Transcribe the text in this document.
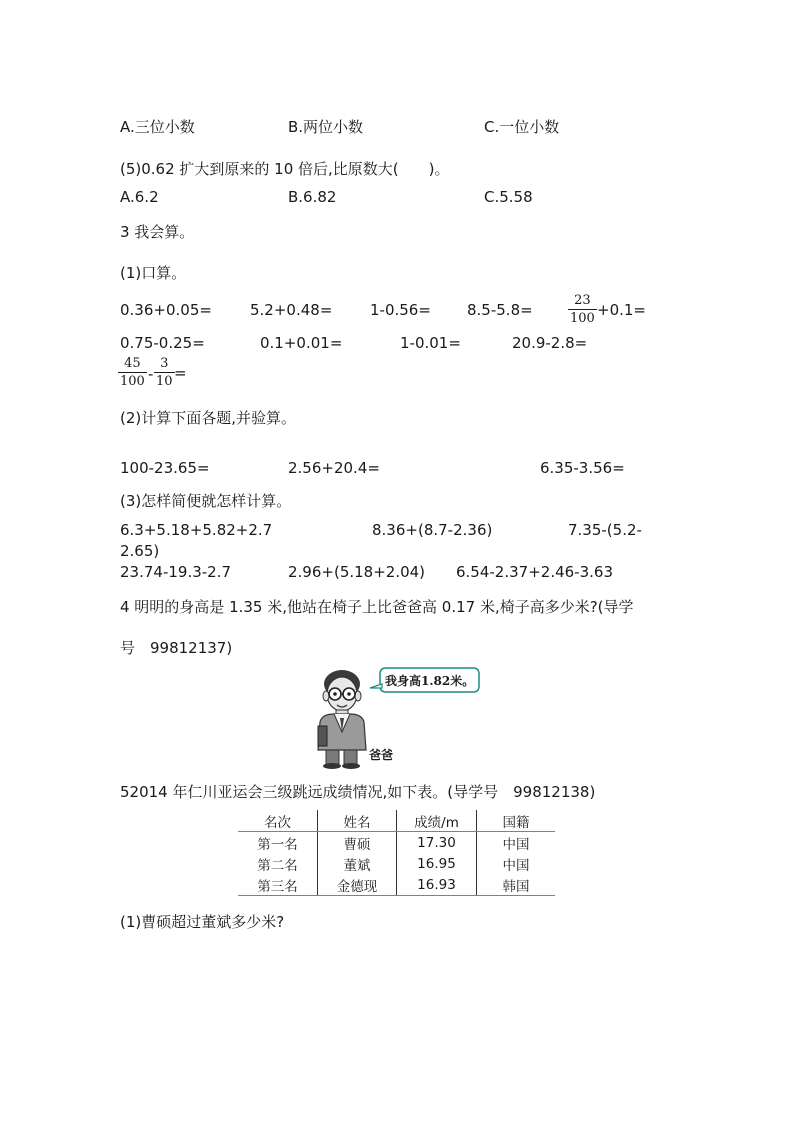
A.三位小数	B.两位小数	C.一位小数
(5)0.62 扩大到原来的 10 倍后,比原数大(　　)。
A.6.2	B.6.82	C.5.58
3 我会算。
(1)口算。
0.36+0.05=	5.2+0.48=	1-0.56= 8.5-5.8=	$\frac{23}{100} +0.1=$
0.75-0.25=	0.1+0.01=	1-0.01=	20.9-2.8=
$\frac{45}{100} - \frac{3}{10}$ =
(2)计算下面各题,并验算。
100-23.65=	2.56+20.4=	6.35-3.56=
(3)怎样简便就怎样计算。
6.3+5.18+5.82+2.7	8.36+(8.7-2.36)	7.35-(5.2-
2.65)
23.74-19.3-2.7	2.96+(5.18+2.04) 6.54-2.37+2.46-3.63
4 明明的身高是 1.35 米,他站在椅子上比爸爸高 0.17 米,椅子高多少米?(导学
号　99812137)
我身高1.82米。
爸爸
52014 年仁川亚运会三级跳远成绩情况,如下表。(导学号　99812138)
名次	姓名	成绩/m	国籍
第一名	曹硕	17.30	中国
第二名	董斌	16.95	中国
第三名	金德现	16.93	韩国
(1)曹硕超过董斌多少米?
